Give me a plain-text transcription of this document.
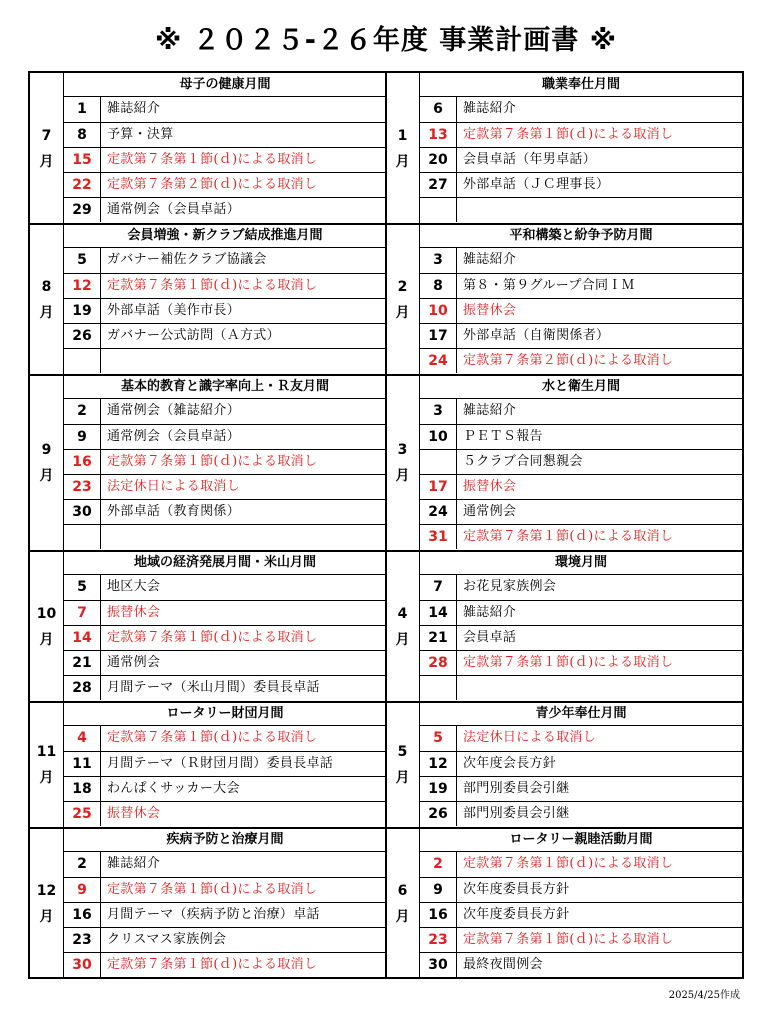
※ ２０２５-２６年度 事業計画書 ※
7
月
母子の健康月間
1	雑誌紹介
8	予算・決算
15	定款第７条第１節(ｄ)による取消し
22	定款第７条第２節(ｄ)による取消し
29	通常例会（会員卓話）
8
月
会員増強・新クラブ結成推進月間
5	ガバナー補佐クラブ協議会
12	定款第７条第１節(ｄ)による取消し
19	外部卓話（美作市長）
26	ガバナー公式訪問（Ａ方式）
9
月
基本的教育と識字率向上・Ｒ友月間
2	通常例会（雑誌紹介）
9	通常例会（会員卓話）
16	定款第７条第１節(ｄ)による取消し
23	法定休日による取消し
30	外部卓話（教育関係）
10
月
地域の経済発展月間・米山月間
5	地区大会
7	振替休会
14	定款第７条第１節(ｄ)による取消し
21	通常例会
28	月間テーマ（米山月間）委員長卓話
11
月
ロータリー財団月間
4	定款第７条第１節(ｄ)による取消し
11	月間テーマ（Ｒ財団月間）委員長卓話
18	わんぱくサッカー大会
25	振替休会
12
月
疾病予防と治療月間
2	雑誌紹介
9	定款第７条第１節(ｄ)による取消し
16	月間テーマ（疾病予防と治療）卓話
23	クリスマス家族例会
30	定款第７条第１節(ｄ)による取消し
1
月
職業奉仕月間
6	雑誌紹介
13	定款第７条第１節(ｄ)による取消し
20	会員卓話（年男卓話）
27	外部卓話（ＪＣ理事長）
2
月
平和構築と紛争予防月間
3	雑誌紹介
8	第８・第９グループ合同ＩＭ
10	振替休会
17	外部卓話（自衛関係者）
24	定款第７条第２節(ｄ)による取消し
3
月
水と衛生月間
3	雑誌紹介
10	ＰＥＴＳ報告
５クラブ合同懇親会
17	振替休会
24	通常例会
31	定款第７条第１節(ｄ)による取消し
4
月
環境月間
7	お花見家族例会
14	雑誌紹介
21	会員卓話
28	定款第７条第１節(ｄ)による取消し
5
月
青少年奉仕月間
5	法定休日による取消し
12	次年度会長方針
19	部門別委員会引継
26	部門別委員会引継
6
月
ロータリー親睦活動月間
2	定款第７条第１節(ｄ)による取消し
9	次年度委員長方針
16	次年度委員長方針
23	定款第７条第１節(ｄ)による取消し
30	最終夜間例会
2025/4/25作成
